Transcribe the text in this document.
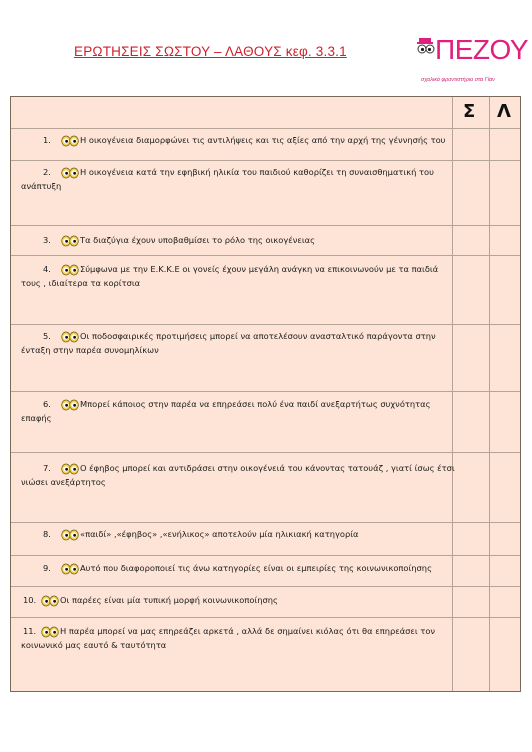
ΕΡΩΤΗΣΕΙΣ ΣΩΣΤΟΥ – ΛΑΘΟΥΣ κεφ. 3.3.1	ΠΕΖΟΥ
σχολικό φροντιστήριο στα Γίαν
Σ Λ
1.	Η οικογένεια διαμορφώνει τις αντιλήψεις και τις αξίες από την αρχή της γέννησής του
2.	Η οικογένεια κατά την εφηβική ηλικία του παιδιού καθορίζει τη συναισθηματική του ανάπτυξη
3.	Τα διαζύγια έχουν υποβαθμίσει το ρόλο της οικογένειας
4.	Σύμφωνα με την Ε.Κ.Κ.Ε οι γονείς έχουν μεγάλη ανάγκη να επικοινωνούν με τα παιδιά τους , ιδιαίτερα τα κορίτσια
5.	Οι ποδοσφαιρικές προτιμήσεις μπορεί να αποτελέσουν ανασταλτικό παράγοντα στην ένταξη στην παρέα συνομηλίκων
6.	Μπορεί κάποιος στην παρέα να επηρεάσει πολύ ένα παιδί ανεξαρτήτως συχνότητας επαφής
7.	Ο έφηβος μπορεί και αντιδράσει στην οικογένειά του κάνοντας τατουάζ , γιατί ίσως έτσι νιώσει ανεξάρτητος
8.	«παιδί» ,«έφηβος» ,«ενήλικος» αποτελούν μία ηλικιακή κατηγορία
9.	Αυτό που διαφοροποιεί τις άνω κατηγορίες είναι οι εμπειρίες της κοινωνικοποίησης
10.	Οι παρέες είναι μία τυπική μορφή κοινωνικοποίησης
11.	Η παρέα μπορεί να μας επηρεάζει αρκετά , αλλά δε σημαίνει κιόλας ότι θα επηρεάσει τον κοινωνικό μας εαυτό & ταυτότητα
